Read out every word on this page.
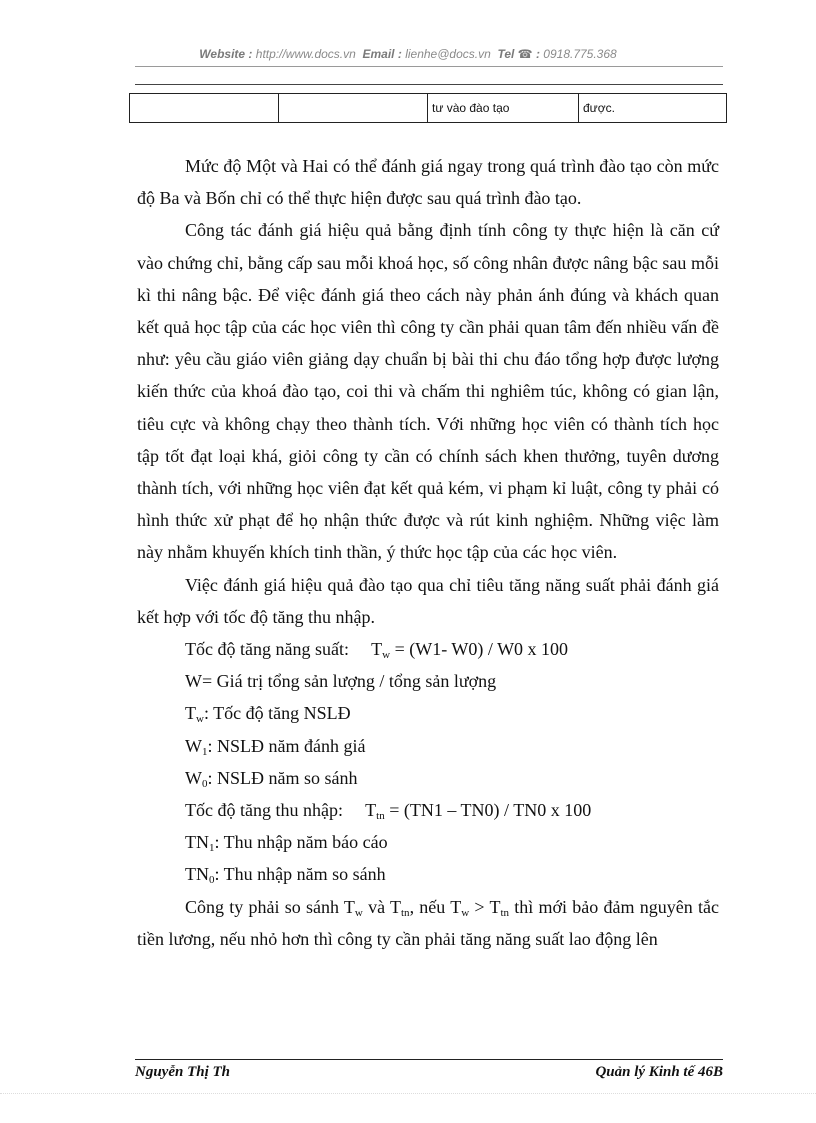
Website : http://www.docs.vn Email : lienhe@docs.vn Tel ☎ : 0918.775.368
		tư vào đào tạo	được.

Mức độ Một và Hai có thể đánh giá ngay trong quá trình đào tạo còn mức độ Ba và Bốn chỉ có thể thực hiện được sau quá trình đào tạo.

Công tác đánh giá hiệu quả bằng định tính công ty thực hiện là căn cứ vào chứng chỉ, bằng cấp sau mỗi khoá học, số công nhân được nâng bậc sau mỗi kì thi nâng bậc. Để việc đánh giá theo cách này phản ánh đúng và khách quan kết quả học tập của các học viên thì công ty cần phải quan tâm đến nhiều vấn đề như: yêu cầu giáo viên giảng dạy chuẩn bị bài thi chu đáo tổng hợp được lượng kiến thức của khoá đào tạo, coi thi và chấm thi nghiêm túc, không có gian lận, tiêu cực và không chạy theo thành tích. Với những học viên có thành tích học tập tốt đạt loại khá, giỏi công ty cần có chính sách khen thưởng, tuyên dương thành tích, với những học viên đạt kết quả kém, vi phạm kỉ luật, công ty phải có hình thức xử phạt để họ nhận thức được và rút kinh nghiệm. Những việc làm này nhằm khuyến khích tinh thần, ý thức học tập của các học viên.

Việc đánh giá hiệu quả đào tạo qua chỉ tiêu tăng năng suất phải đánh giá kết hợp với tốc độ tăng thu nhập.

Tốc độ tăng năng suất: $T_w = (W1-$ W0) / W0 x 100
W= Giá trị tổng sản lượng / tổng sản lượng
$T_w$: Tốc độ tăng NSLĐ
$W_1$: NSLĐ năm đánh giá
$W_0$: NSLĐ năm so sánh
Tốc độ tăng thu nhập: $T_{tn} = (TN1 - TN0) / TN0$ x 100
$TN_1$: Thu nhập năm báo cáo
$TN_0$: Thu nhập năm so sánh

Công ty phải so sánh $T_w$ và $T_{tn}$, nếu $T_w > T_{tn}$ thì mới bảo đảm nguyên tắc tiền lương, nếu nhỏ hơn thì công ty cần phải tăng năng suất lao động lên

Nguyễn Thị Th	Quản lý Kinh tế 46B
